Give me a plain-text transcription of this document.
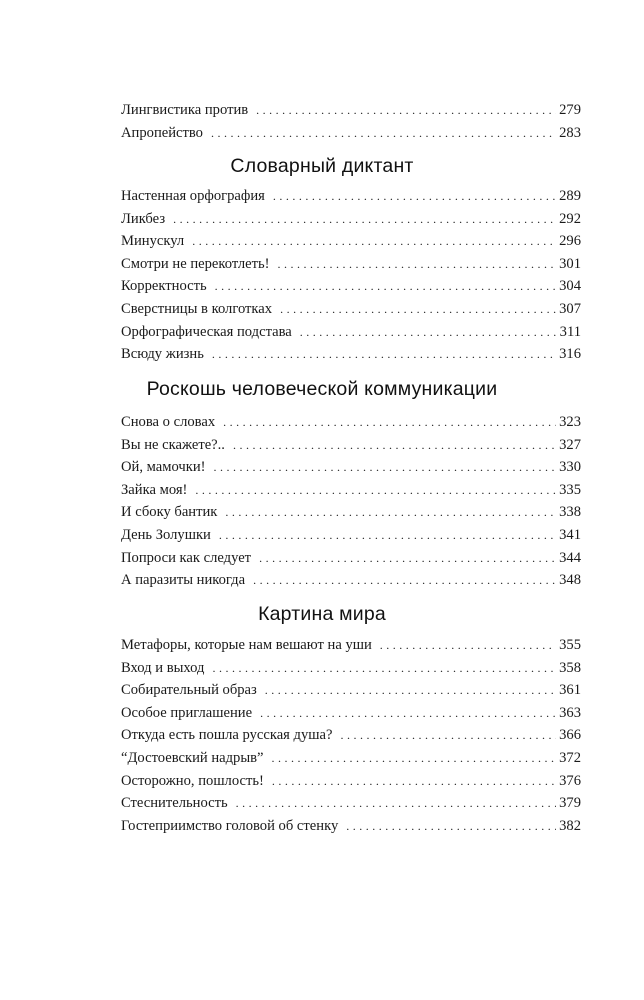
Лингвистика против . . .	279
Апропейство . . .	283
Словарный диктант
Настенная орфография . . .	289
Ликбез . . .	292
Минускул . . .	296
Смотри не перекотлеть! . . .	301
Корректность . . .	304
Сверстницы в колготках . . .	307
Орфографическая подстава . . .	311
Всюду жизнь . . .	316
Роскошь человеческой коммуникации
Снова о словах . . .	323
Вы не скажете?.. . . .	327
Ой, мамочки! . . .	330
Зайка моя! . . .	335
И сбоку бантик . . .	338
День Золушки . . .	341
Попроси как следует . . .	344
А паразиты никогда . . .	348
Картина мира
Метафоры, которые нам вешают на уши . . .	355
Вход и выход . . .	358
Собирательный образ . . .	361
Особое приглашение . . .	363
Откуда есть пошла русская душа? . . .	366
“Достоевский надрыв” . . .	372
Осторожно, пошлость! . . .	376
Стеснительность . . .	379
Гостеприимство головой об стенку . . .	382
